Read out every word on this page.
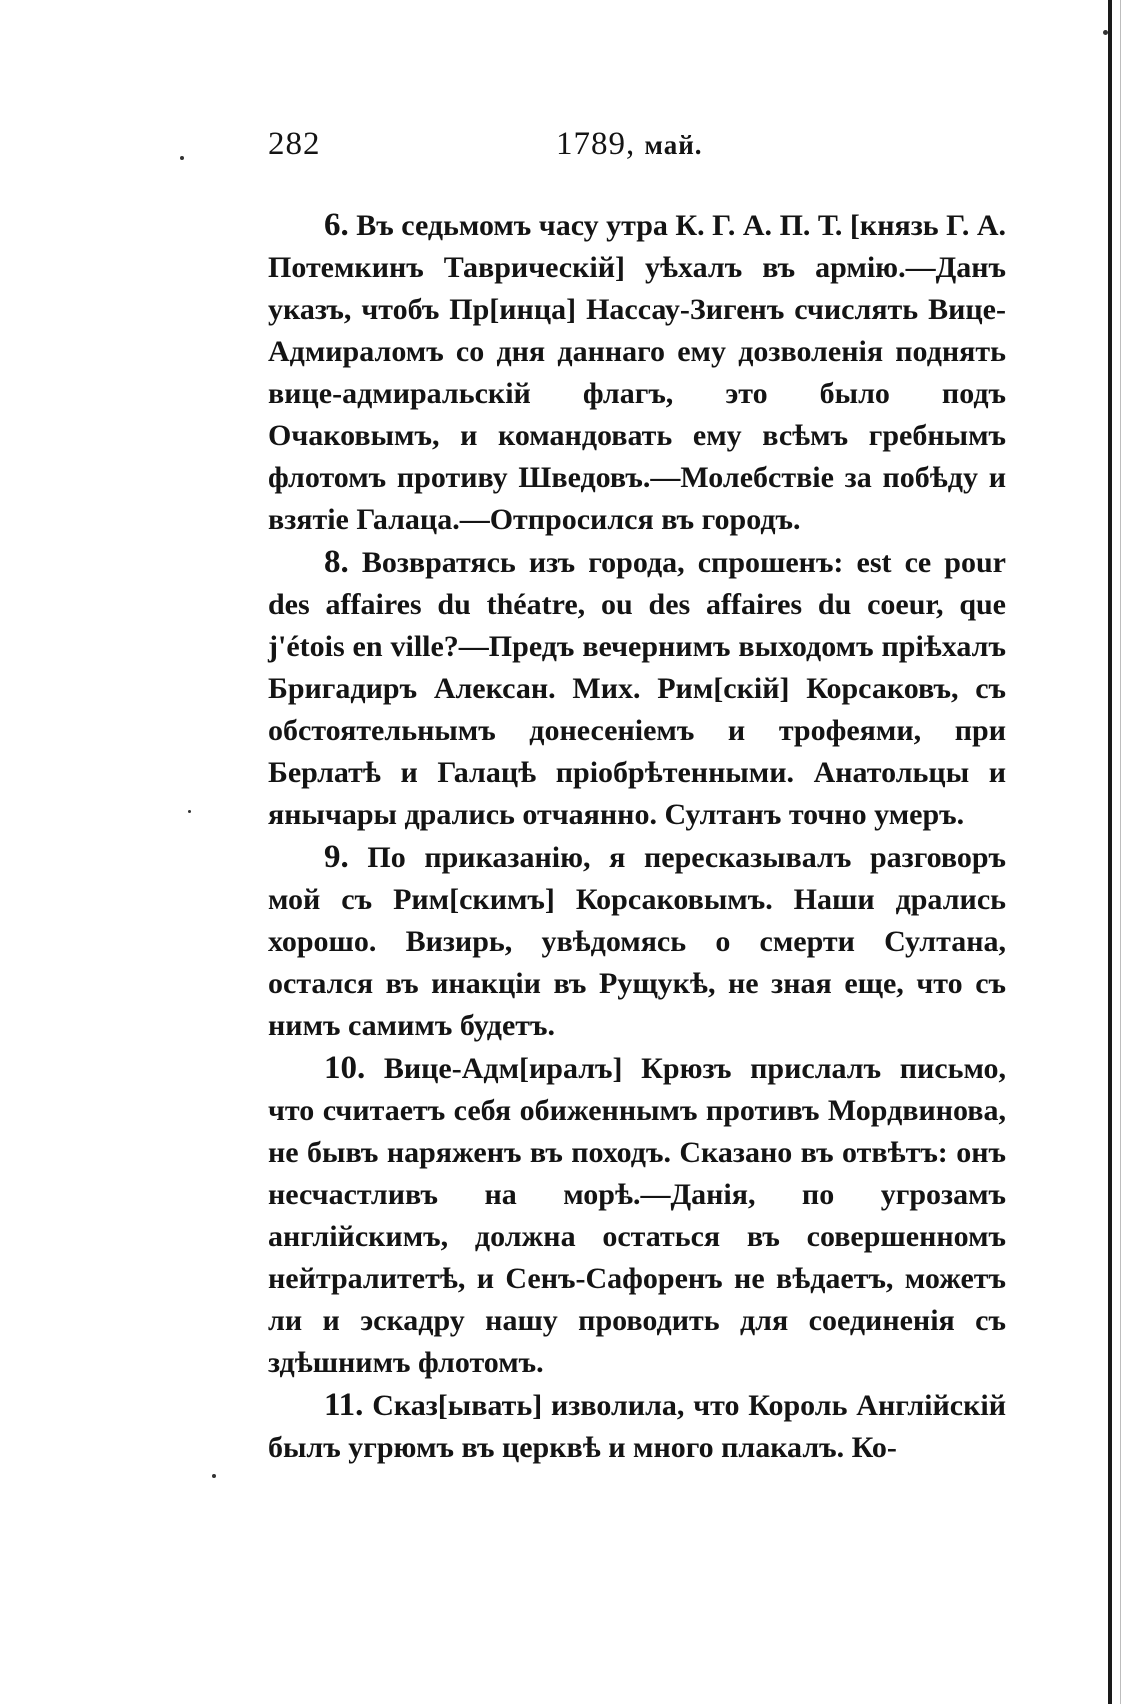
282	1789, май.

6. Въ седьмомъ часу утра К. Г. А. П. Т. [князь Г. А. Потемкинъ Таврическій] уѣхалъ въ армію.—Данъ указъ, чтобъ Пр[инца] Нассау-Зигенъ счислять Вице-Адмираломъ со дня даннаго ему дозволенія поднять вице-адмиральскій флагъ, это было подъ Очаковымъ, и командовать ему всѣмъ гребнымъ флотомъ противу Шведовъ.—Молебствіе за побѣду и взятіе Галаца.—Отпросился въ городъ.

8. Возвратясь изъ города, спрошенъ: est ce pour des affaires du théatre, ou des affaires du coeur, que j'étois en ville?—Предъ вечернимъ выходомъ пріѣхалъ Бригадиръ Алексан. Мих. Рим[скій] Корсаковъ, съ обстоятельнымъ донесеніемъ и трофеями, при Берлатѣ и Галацѣ пріобрѣтенными. Анатольцы и янычары дрались отчаянно. Султанъ точно умеръ.

9. По приказанію, я пересказывалъ разговоръ мой съ Рим[скимъ] Корсаковымъ. Наши дрались хорошо. Визирь, увѣдомясь о смерти Султана, остался въ инакціи въ Рущукѣ, не зная еще, что съ нимъ самимъ будетъ.

10. Вице-Адм[иралъ] Крюзъ прислалъ письмо, что считаетъ себя обиженнымъ противъ Мордвинова, не бывъ наряженъ въ походъ. Сказано въ отвѣтъ: онъ несчастливъ на морѣ.—Данія, по угрозамъ англійскимъ, должна остаться въ совершенномъ нейтралитетѣ, и Сенъ-Сафоренъ не вѣдаетъ, можетъ ли и эскадру нашу проводить для соединенія съ здѣшнимъ флотомъ.

11. Сказ[ывать] изволила, что Король Англійскій былъ угрюмъ въ церквѣ и много плакалъ. Ко-
